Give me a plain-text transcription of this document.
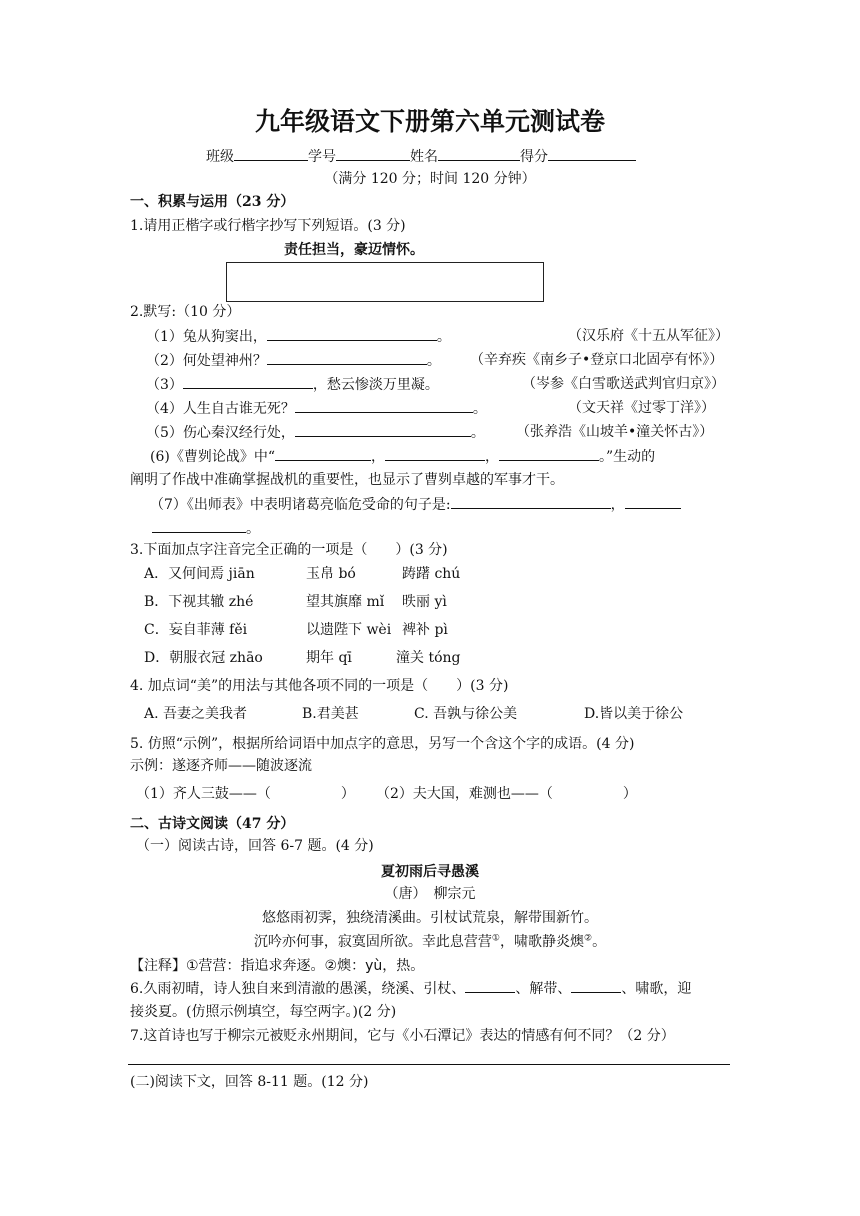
九年级语文下册第六单元测试卷
班级	学号	姓名	得分
（满分 120 分；时间 120 分钟）
一、积累与运用（23 分）
1.请用正楷字或行楷字抄写下列短语。(3 分)
责任担当，豪迈情怀。
2.默写:（10 分）
（1）兔从狗窦出，	。	（汉乐府《十五从军征》）
（2）何处望神州？	。 （辛弃疾《南乡子•登京口北固亭有怀》）
（3）	，愁云惨淡万里凝。	（岑参《白雪歌送武判官归京》）
（4）人生自古谁无死？	。	（文天祥《过零丁洋》）
（5）伤心秦汉经行处，	。 （张养浩《山坡羊•潼关怀古》）
(6)《曹刿论战》中“	，	，	。”生动的
阐明了作战中准确掌握战机的重要性，也显示了曹刿卓越的军事才干。
（7）《出师表》中表明诸葛亮临危受命的句子是:	，
。
3.下面加点字注音完全正确的一项是（　　）(3 分)
A．又何间焉 jiān	玉帛 bó	踌躇 chú
B．下视其辙 zhé	望其旗靡 mǐ 昳丽 yì
C．妄自菲薄 fěi	以遗陛下 wèi 裨补 pì
D．朝服衣冠 zhāo	期年 qī	潼关 tóng
4. 加点词“美”的用法与其他各项不同的一项是（　　）(3 分)
A. 吾妻之美我者	B.君美甚	C. 吾孰与徐公美	D.皆以美于徐公
5. 仿照“示例”，根据所给词语中加点字的意思，另写一个含这个字的成语。(4 分)
示例：遂逐齐师——随波逐流
（1）齐人三鼓——（　　　　　） （2）夫大国，难测也——（　　　　　）
二、古诗文阅读（47 分）
（一）阅读古诗，回答 6-7 题。(4 分)
夏初雨后寻愚溪
（唐）　柳宗元
悠悠雨初霁，独绕清溪曲。引杖试荒泉，解带围新竹。
沉吟亦何事，寂寞固所欲。幸此息营营①，啸歌静炎燠②。
【注释】①营营：指追求奔逐。②燠：yù，热。
6.久雨初晴，诗人独自来到清澈的愚溪，绕溪、引杖、	、解带、	、啸歌，迎
接炎夏。(仿照示例填空，每空两字。)(2 分)
7.这首诗也写于柳宗元被贬永州期间，它与《小石潭记》表达的情感有何不同？（2 分）
(二)阅读下文，回答 8-11 题。(12 分)
